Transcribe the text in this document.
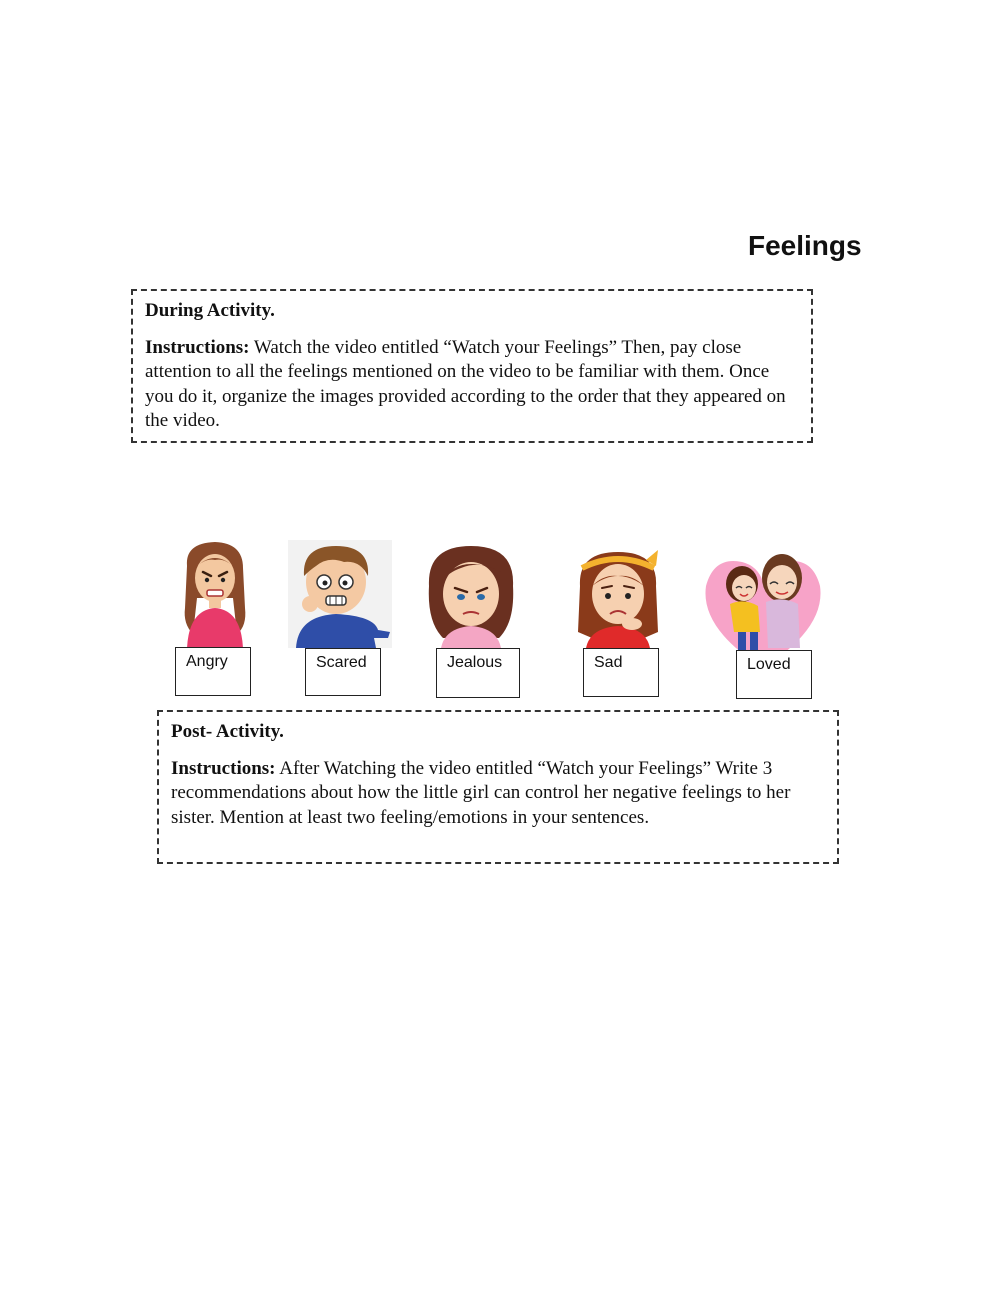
Feelings
During Activity.

Instructions: Watch the video entitled “Watch your Feelings” Then, pay close attention to all the feelings mentioned on the video to be familiar with them. Once you do it, organize the images provided according to the order that they appeared on the video.

Angry	Scared	Jealous	Sad	Loved
Post- Activity.

Instructions: After Watching the video entitled “Watch your Feelings” Write 3 recommendations about how the little girl can control her negative feelings to her sister. Mention at least two feeling/emotions in your sentences.
